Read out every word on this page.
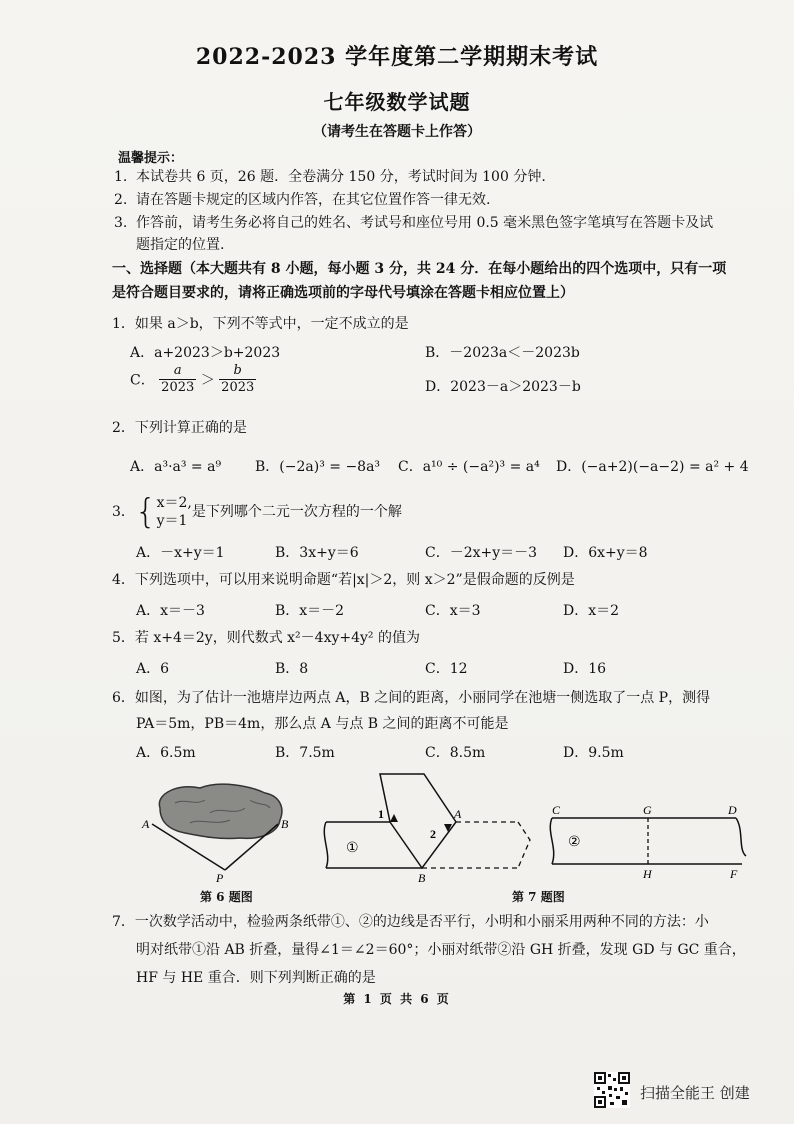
2022-2023 学年度第二学期期末考试
七年级数学试题
（请考生在答题卡上作答）
温馨提示：
1. 本试卷共 6 页，26 题．全卷满分 150 分，考试时间为 100 分钟.
2. 请在答题卡规定的区域内作答，在其它位置作答一律无效.
3. 作答前，请考生务必将自己的姓名、考试号和座位号用 0.5 毫米黑色签字笔填写在答题卡及试
题指定的位置.
一、选择题（本大题共有 8 小题，每小题 3 分，共 24 分．在每小题给出的四个选项中，只有一项
是符合题目要求的，请将正确选项前的字母代号填涂在答题卡相应位置上）
1．如果 a＞b，下列不等式中，一定不成立的是
A．a+2023＞b+2023	B．－2023a＜－2023b
C． $\frac{a}{2023} > \frac{b}{2023}$	D．2023－a＞2023－b
2．下列计算正确的是
A．a³·a³ = a⁹ B．(−2a)³ = −8a³ C．a¹⁰ ÷ (−a²)³ = a⁴ D．(−a+2)(−a−2) = a² + 4
3．{ x＝2,
y＝1
是下列哪个二元一次方程的一个解
A．－x+y＝1	B．3x+y＝6	C．－2x+y＝－3 D．6x+y＝8
4．下列选项中，可以用来说明命题“若|x|＞2，则 x＞2”是假命题的反例是
A．x＝－3	B．x＝－2	C．x＝3	D．x＝2
5．若 x+4＝2y，则代数式 x²－4xy+4y² 的值为
A．6	B．8	C．12	D．16
6．如图，为了估计一池塘岸边两点 A，B 之间的距离，小丽同学在池塘一侧选取了一点 P，测得
PA＝5m，PB＝4m，那么点 A 与点 B 之间的距离不可能是
A．6.5m	B．7.5m	C．8.5m	D．9.5m
A	B
P
第 6 题图
1
2
A
B
①
第 7 题图
C	G	D
H	F
②
7．一次数学活动中，检验两条纸带①、②的边线是否平行，小明和小丽采用两种不同的方法：小
明对纸带①沿 AB 折叠，量得∠1＝∠2＝60°；小丽对纸带②沿 GH 折叠，发现 GD 与 GC 重合，
HF 与 HE 重合．则下列判断正确的是
第 1 页 共 6 页
扫描全能王 创建
